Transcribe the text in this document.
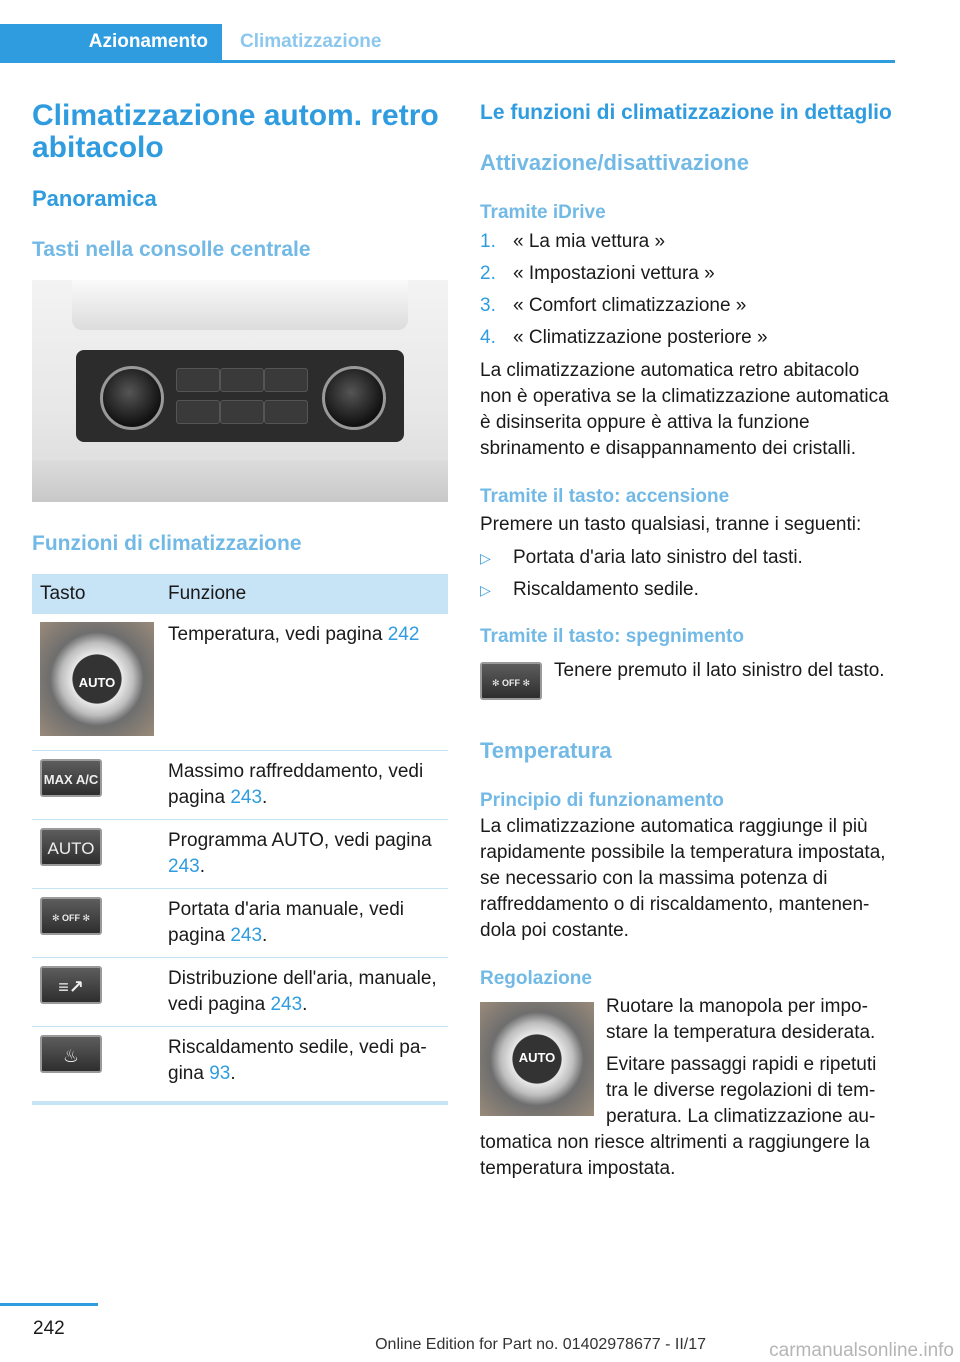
Azionamento	Climatizzazione
Climatizzazione autom. retro abitacolo
Panoramica
Tasti nella consolle centrale
Funzioni di climatizzazione
Tasto	Funzione

AUTO	Temperatura, vedi pagina 242

MAX A/C	Massimo raffreddamento, vedi pagina 243.

AUTO	Programma AUTO, vedi pagina 243.

✻ OFF ✻	Portata d'aria manuale, vedi pagina 243.

≡↗	Distribuzione dell'aria, manuale, vedi pagina 243.

♨	Riscaldamento sedile, vedi pagina 93.
Le funzioni di climatizzazione in dettaglio
Attivazione/disattivazione
Tramite iDrive
1. « La mia vettura »
2. « Impostazioni vettura »
3. « Comfort climatizzazione »
4. « Climatizzazione posteriore »

La climatizzazione automatica retro abitacolo non è operativa se la climatizzazione automatica è disinserita oppure è attiva la funzione sbrinamento e disappannamento dei cristalli.

Tramite il tasto: accensione

Premere un tasto qualsiasi, tranne i seguenti:

▷ Portata d'aria lato sinistro del tasti.
▷ Riscaldamento sedile.
Tramite il tasto: spegnimento
✻ OFF ✻

Tenere premuto il lato sinistro del tasto.

Temperatura
Principio di funzionamento

La climatizzazione automatica raggiunge il più rapidamente possibile la temperatura impostata, se necessario con la massima potenza di raffreddamento o di riscaldamento, mantenendola poi costante.

Regolazione
AUTO

Ruotare la manopola per impostare la temperatura desiderata.

Evitare passaggi rapidi e ripetuti tra le diverse regolazioni di temperatura. La climatizzazione automatica non riesce altrimenti a raggiungere la temperatura impostata.

242
Online Edition for Part no. 01402978677 - II/17	carmanualsonline.info
